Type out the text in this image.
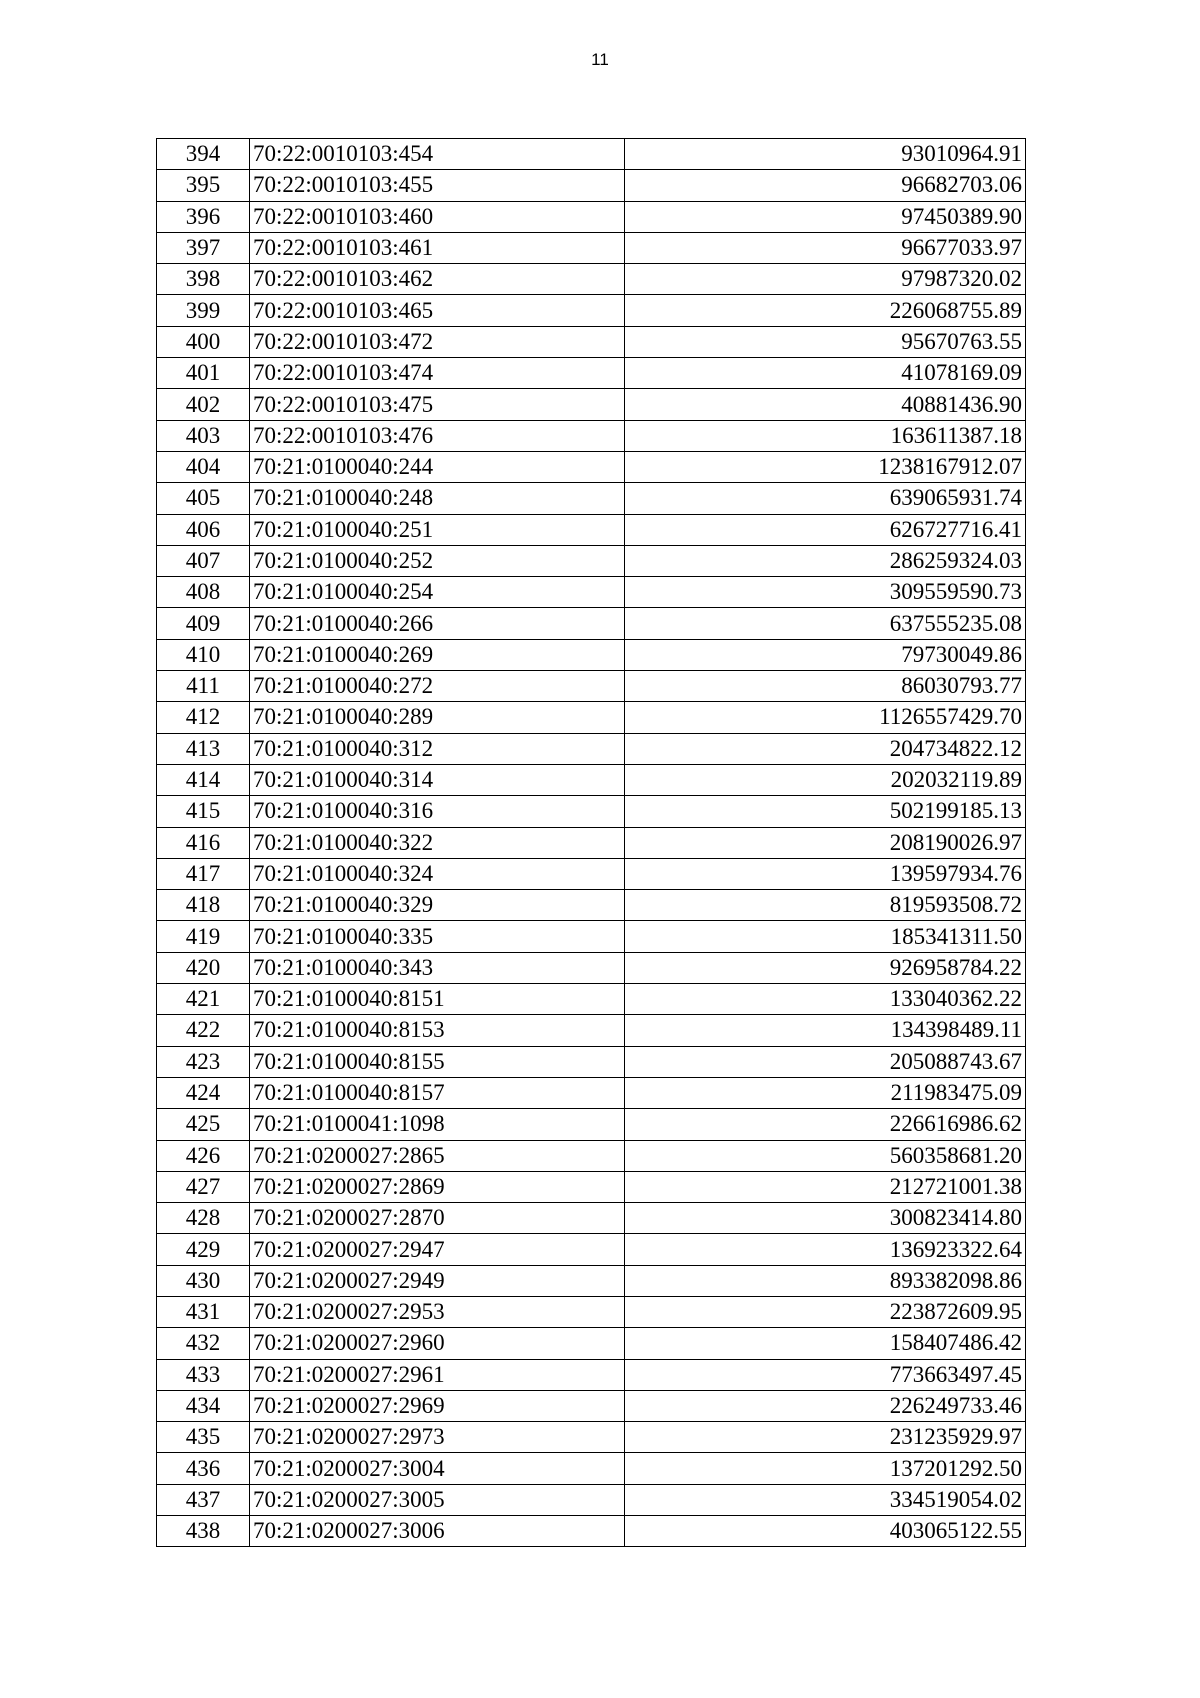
11
394	70:22:0010103:454	93010964.91
395	70:22:0010103:455	96682703.06
396	70:22:0010103:460	97450389.90
397	70:22:0010103:461	96677033.97
398	70:22:0010103:462	97987320.02
399	70:22:0010103:465	226068755.89
400	70:22:0010103:472	95670763.55
401	70:22:0010103:474	41078169.09
402	70:22:0010103:475	40881436.90
403	70:22:0010103:476	163611387.18
404	70:21:0100040:244	1238167912.07
405	70:21:0100040:248	639065931.74
406	70:21:0100040:251	626727716.41
407	70:21:0100040:252	286259324.03
408	70:21:0100040:254	309559590.73
409	70:21:0100040:266	637555235.08
410	70:21:0100040:269	79730049.86
411	70:21:0100040:272	86030793.77
412	70:21:0100040:289	1126557429.70
413	70:21:0100040:312	204734822.12
414	70:21:0100040:314	202032119.89
415	70:21:0100040:316	502199185.13
416	70:21:0100040:322	208190026.97
417	70:21:0100040:324	139597934.76
418	70:21:0100040:329	819593508.72
419	70:21:0100040:335	185341311.50
420	70:21:0100040:343	926958784.22
421	70:21:0100040:8151	133040362.22
422	70:21:0100040:8153	134398489.11
423	70:21:0100040:8155	205088743.67
424	70:21:0100040:8157	211983475.09
425	70:21:0100041:1098	226616986.62
426	70:21:0200027:2865	560358681.20
427	70:21:0200027:2869	212721001.38
428	70:21:0200027:2870	300823414.80
429	70:21:0200027:2947	136923322.64
430	70:21:0200027:2949	893382098.86
431	70:21:0200027:2953	223872609.95
432	70:21:0200027:2960	158407486.42
433	70:21:0200027:2961	773663497.45
434	70:21:0200027:2969	226249733.46
435	70:21:0200027:2973	231235929.97
436	70:21:0200027:3004	137201292.50
437	70:21:0200027:3005	334519054.02
438	70:21:0200027:3006	403065122.55
